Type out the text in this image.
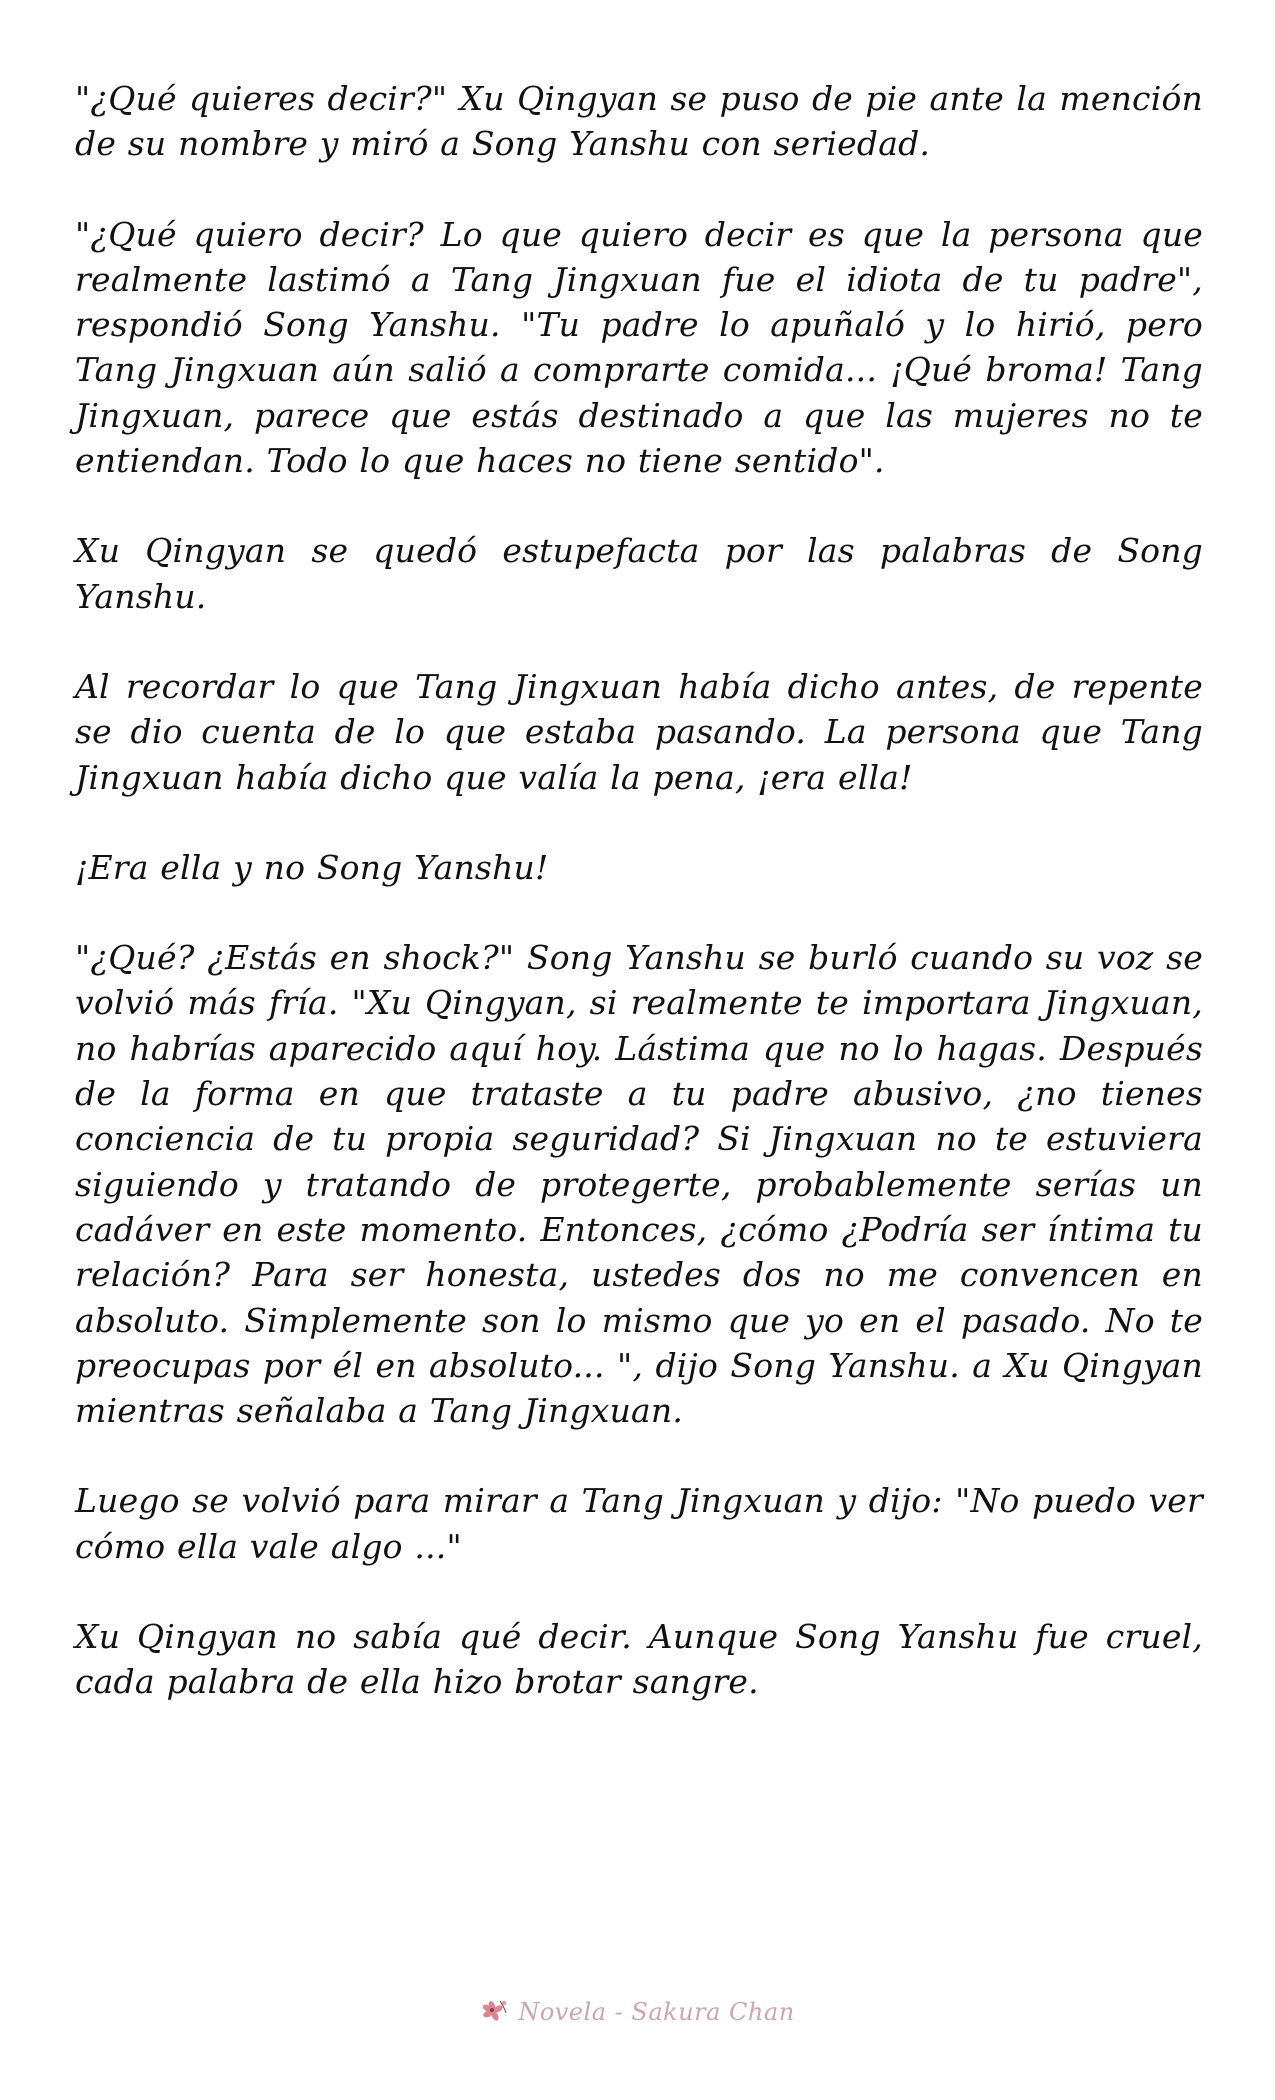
"¿Qué quieres decir?" Xu Qingyan se puso de pie ante la mención de su nombre y miró a Song Yanshu con seriedad.

"¿Qué quiero decir? Lo que quiero decir es que la persona que realmente lastimó a Tang Jingxuan fue el idiota de tu padre", respondió Song Yanshu. "Tu padre lo apuñaló y lo hirió, pero Tang Jingxuan aún salió a comprarte comida... ¡Qué broma! Tang Jingxuan, parece que estás destinado a que las mujeres no te entiendan. Todo lo que haces no tiene sentido".

Xu Qingyan se quedó estupefacta por las palabras de Song Yanshu.

Al recordar lo que Tang Jingxuan había dicho antes, de repente se dio cuenta de lo que estaba pasando. La persona que Tang Jingxuan había dicho que valía la pena, ¡era ella!

¡Era ella y no Song Yanshu!

"¿Qué? ¿Estás en shock?" Song Yanshu se burló cuando su voz se volvió más fría. "Xu Qingyan, si realmente te importara Jingxuan, no habrías aparecido aquí hoy. Lástima que no lo hagas. Después de la forma en que trataste a tu padre abusivo, ¿no tienes conciencia de tu propia seguridad? Si Jingxuan no te estuviera siguiendo y tratando de protegerte, probablemente serías un cadáver en este momento. Entonces, ¿cómo ¿Podría ser íntima tu relación? Para ser honesta, ustedes dos no me convencen en absoluto. Simplemente son lo mismo que yo en el pasado. No te preocupas por él en absoluto... ", dijo Song Yanshu. a Xu Qingyan mientras señalaba a Tang Jingxuan.

Luego se volvió para mirar a Tang Jingxuan y dijo: "No puedo ver cómo ella vale algo ..."

Xu Qingyan no sabía qué decir. Aunque Song Yanshu fue cruel, cada palabra de ella hizo brotar sangre.

Novela - Sakura Chan
